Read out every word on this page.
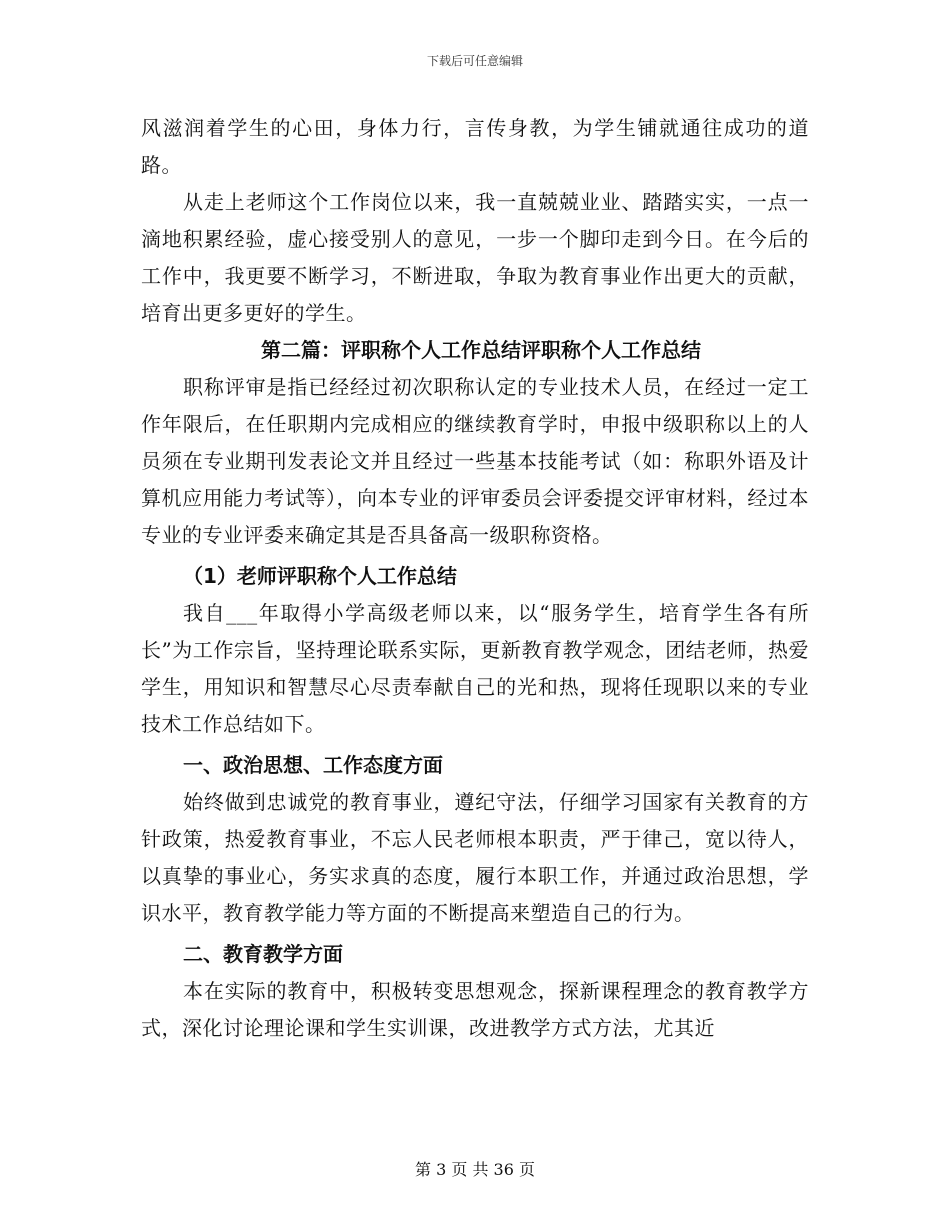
下载后可任意编辑

风滋润着学生的心田，身体力行，言传身教，为学生铺就通往成功的道路。

从走上老师这个工作岗位以来，我一直兢兢业业、踏踏实实，一点一滴地积累经验，虚心接受别人的意见，一步一个脚印走到今日。在今后的工作中，我更要不断学习，不断进取，争取为教育事业作出更大的贡献，培育出更多更好的学生。

第二篇：评职称个人工作总结评职称个人工作总结

职称评审是指已经经过初次职称认定的专业技术人员，在经过一定工作年限后，在任职期内完成相应的继续教育学时，申报中级职称以上的人员须在专业期刊发表论文并且经过一些基本技能考试（如：称职外语及计算机应用能力考试等），向本专业的评审委员会评委提交评审材料，经过本专业的专业评委来确定其是否具备高一级职称资格。

（1）老师评职称个人工作总结

我自___年取得小学高级老师以来，以“服务学生，培育学生各有所长”为工作宗旨，坚持理论联系实际，更新教育教学观念，团结老师，热爱学生，用知识和智慧尽心尽责奉献自己的光和热，现将任现职以来的专业技术工作总结如下。

一、政治思想、工作态度方面

始终做到忠诚党的教育事业，遵纪守法，仔细学习国家有关教育的方针政策，热爱教育事业，不忘人民老师根本职责，严于律己，宽以待人，以真挚的事业心，务实求真的态度，履行本职工作，并通过政治思想，学识水平，教育教学能力等方面的不断提高来塑造自己的行为。

二、教育教学方面

本在实际的教育中，积极转变思想观念，探新课程理念的教育教学方式，深化讨论理论课和学生实训课，改进教学方式方法，尤其近

第 3 页 共 36 页
